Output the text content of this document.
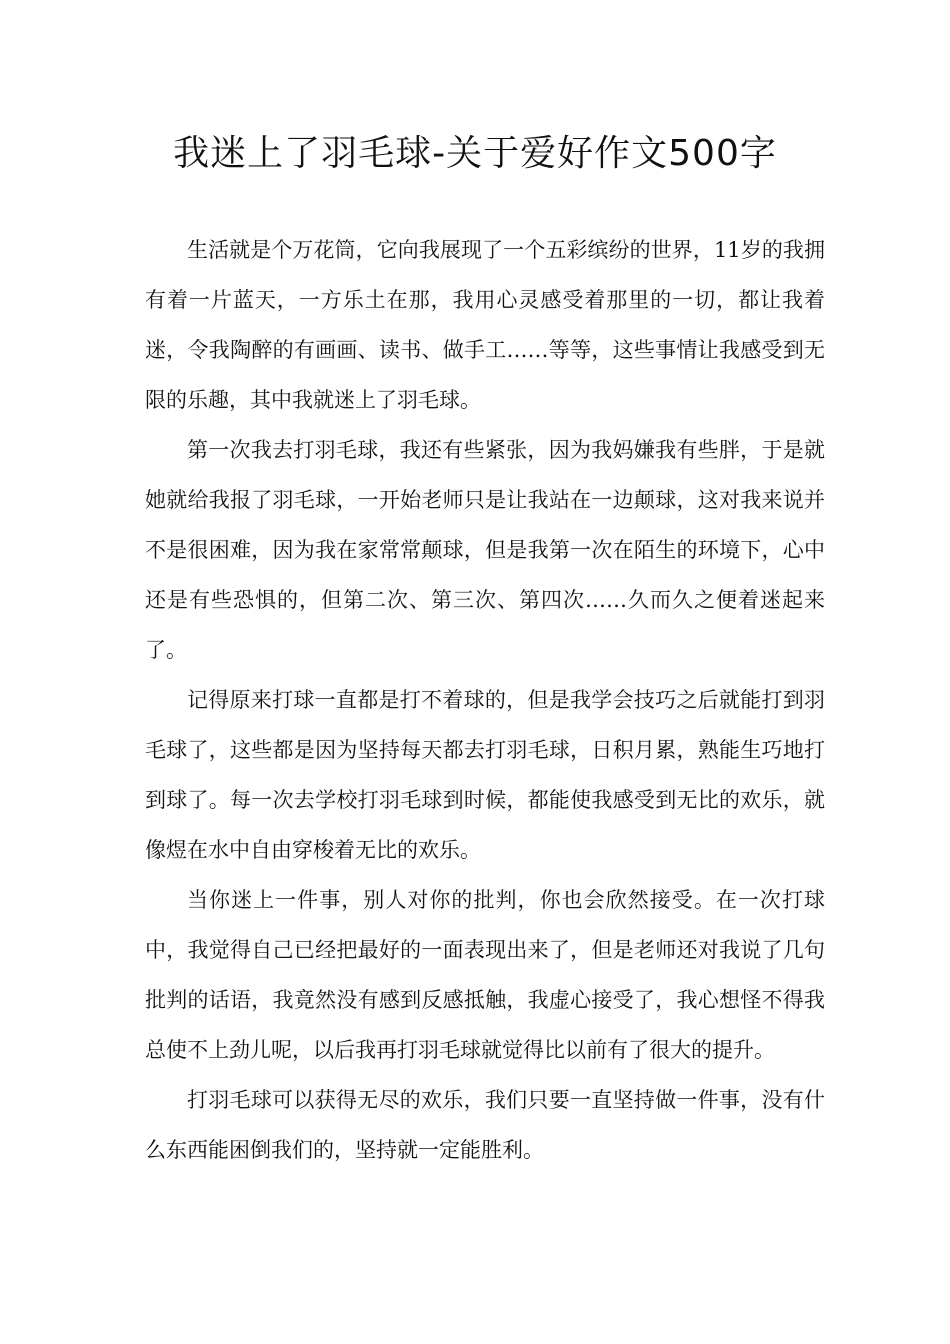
我迷上了羽毛球-关于爱好作文500字

生活就是个万花筒，它向我展现了一个五彩缤纷的世界，11岁的我拥有着一片蓝天，一方乐土在那，我用心灵感受着那里的一切，都让我着迷，令我陶醉的有画画、读书、做手工……等等，这些事情让我感受到无限的乐趣，其中我就迷上了羽毛球。

第一次我去打羽毛球，我还有些紧张，因为我妈嫌我有些胖，于是就她就给我报了羽毛球，一开始老师只是让我站在一边颠球，这对我来说并不是很困难，因为我在家常常颠球，但是我第一次在陌生的环境下，心中还是有些恐惧的，但第二次、第三次、第四次……久而久之便着迷起来了。

记得原来打球一直都是打不着球的，但是我学会技巧之后就能打到羽毛球了，这些都是因为坚持每天都去打羽毛球，日积月累，熟能生巧地打到球了。每一次去学校打羽毛球到时候，都能使我感受到无比的欢乐，就像煜在水中自由穿梭着无比的欢乐。

当你迷上一件事，别人对你的批判，你也会欣然接受。在一次打球中，我觉得自己已经把最好的一面表现出来了，但是老师还对我说了几句批判的话语，我竟然没有感到反感抵触，我虚心接受了，我心想怪不得我总使不上劲儿呢，以后我再打羽毛球就觉得比以前有了很大的提升。

打羽毛球可以获得无尽的欢乐，我们只要一直坚持做一件事，没有什么东西能困倒我们的，坚持就一定能胜利。
